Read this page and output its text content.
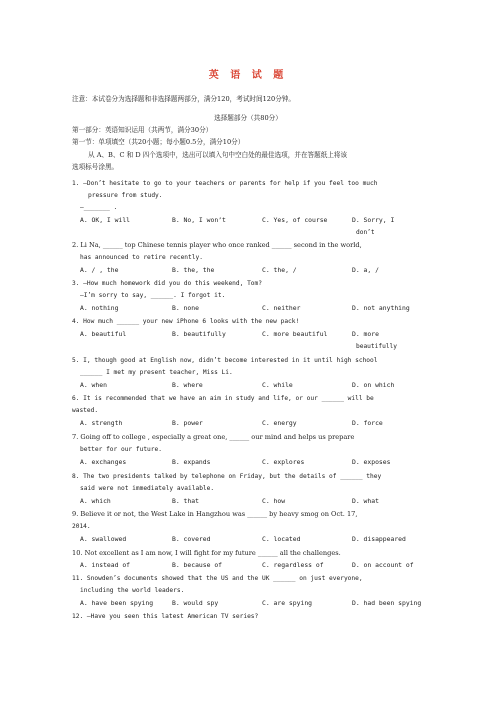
英 语 试 题
注意：本试卷分为选择题和非选择题两部分，满分120，考试时间120分钟。
选择题部分（共80分）
第一部分：英语知识运用（共两节，满分30分）
第一节：单项填空（共20小题；每小题0.5分，满分10分）
从 A、B、C 和 D 四个选项中，选出可以填入句中空白处的最佳选项，并在答题纸上将该
选项标号涂黑。
1. —Don’t hesitate to go to your teachers or parents for help if you feel too much
pressure from study.
—_______ .
A. OK, I will	B. No, I won’t	C. Yes, of course	D. Sorry, I
don’t
2. Li Na, ______ top Chinese tennis player who once ranked ______ second in the world,
has announced to retire recently.
A. / , the	B. the, the	C. the, /	D. a, /
3. —How much homework did you do this weekend, Tom?
—I’m sorry to say, ______. I forgot it.
A. nothing	B. none	C. neither	D. not anything
4. How much ______ your new iPhone 6 looks with the new pack!
A. beautiful	B. beautifully	C. more beautiful	D. more
beautifully
5. I, though good at English now, didn’t become interested in it until high school
______ I met my present teacher, Miss Li.
A. when	B. where	C. while	D. on which
6. It is recommended that we have an aim in study and life, or our ______ will be
wasted.
A. strength	B. power	C. energy	D. force
7. Going off to college , especially a great one, ______ our mind and helps us prepare
better for our future.
A. exchanges	B. expands	C. explores	D. exposes
8. The two presidents talked by telephone on Friday, but the details of ______ they
said were not immediately available.
A. which	B. that	C. how	D. what
9. Believe it or not, the West Lake in Hangzhou was ______ by heavy smog on Oct. 17,
2014.
A. swallowed	B. covered	C. located	D. disappeared
10. Not excellent as I am now, I will fight for my future ______ all the challenges.
A. instead of	B. because of	C. regardless of	D. on account of
11. Snowden’s documents showed that the US and the UK ______ on just everyone,
including the world leaders.
A. have been spying	B. would spy	C. are spying	D. had been spying
12. —Have you seen this latest American TV series?
